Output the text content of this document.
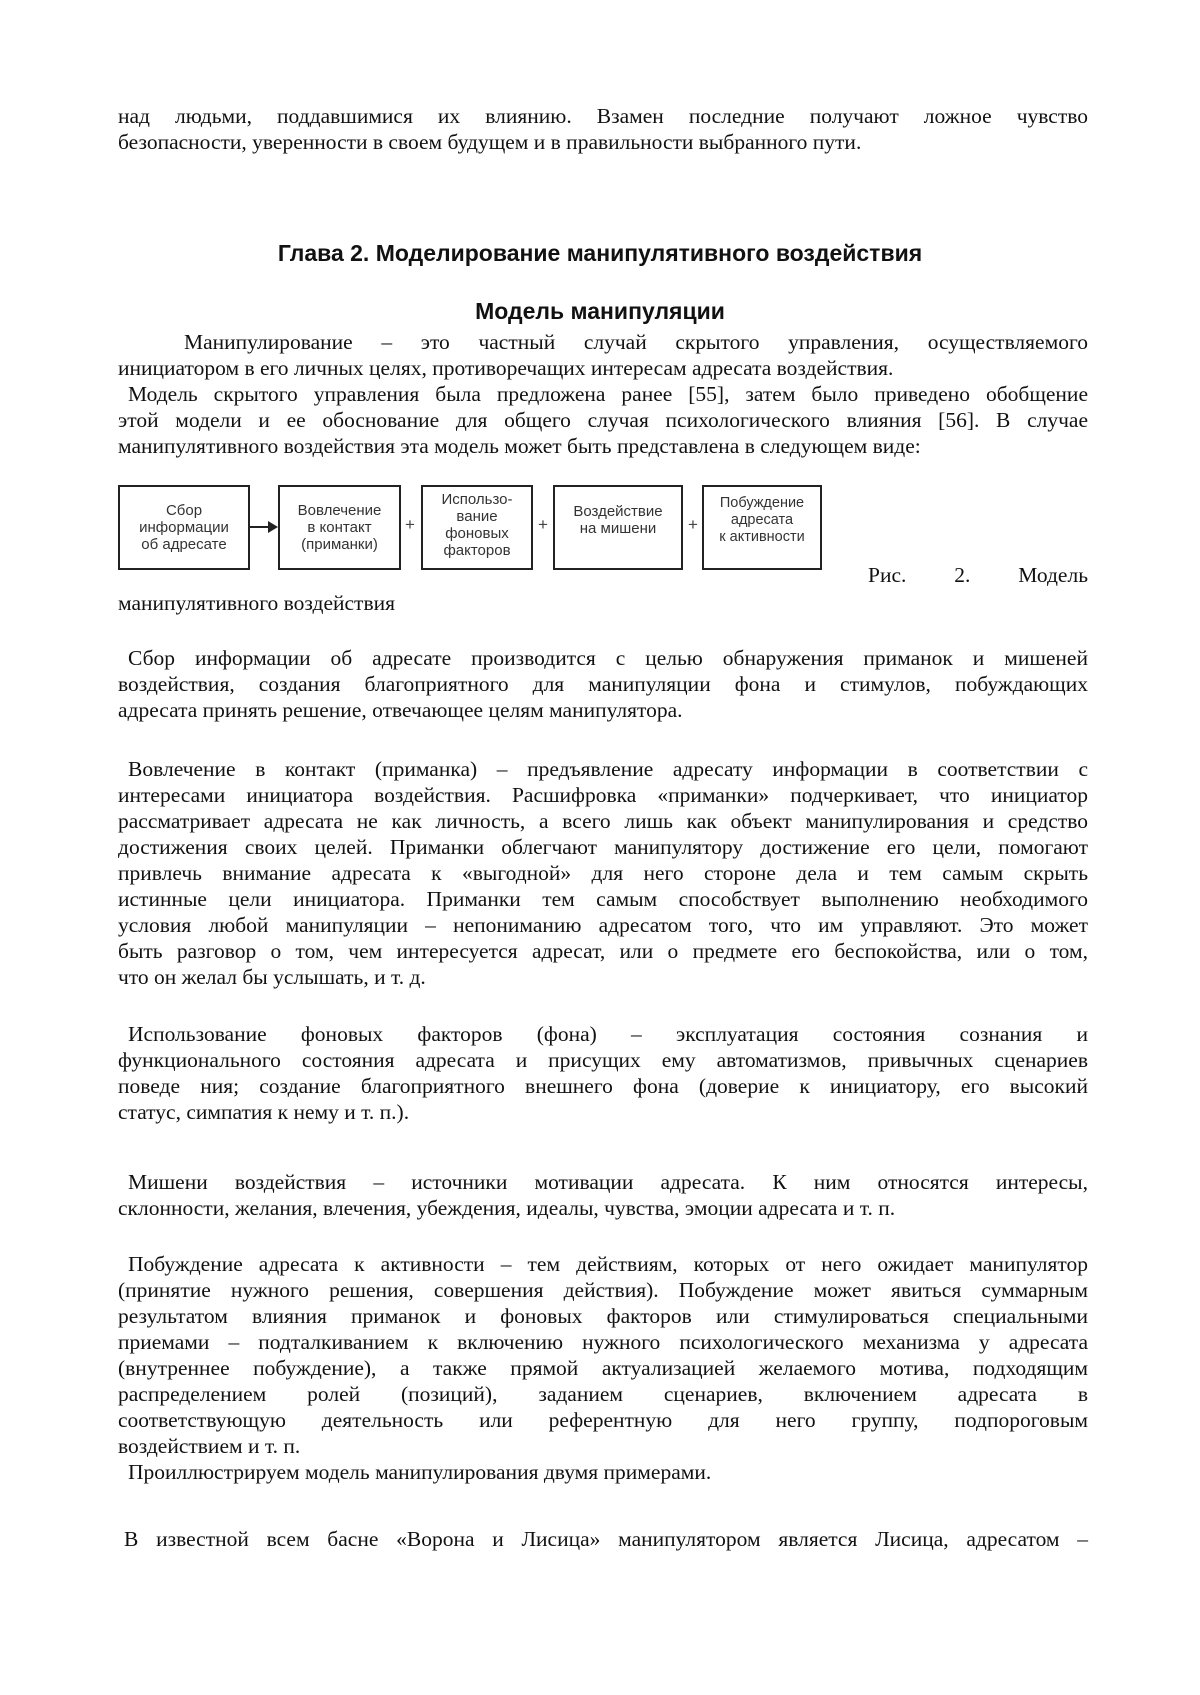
над людьми, поддавшимися их влиянию. Взамен последние получают ложное чувство
безопасности, уверенности в своем будущем и в правильности выбранного пути.
Глава 2. Моделирование манипулятивного воздействия
Модель манипуляции
Манипулирование – это частный случай скрытого управления, осуществляемого
инициатором в его личных целях, противоречащих интересам адресата воздействия.
Модель скрытого управления была предложена ранее [55], затем было приведено обобщение
этой модели и ее обоснование для общего случая психологического влияния [56]. В случае
манипулятивного воздействия эта модель может быть представлена в следующем виде:
Сбор
информации
об адресате
Вовлечение
в контакт
(приманки)
+
Использо-
вание
фоновых
факторов
+
Воздействие
на мишени	+
Побуждение
адресата
к активности
Рис. 2. Модель
манипулятивного воздействия
Сбор информации об адресате производится с целью обнаружения приманок и мишеней
воздействия, создания благоприятного для манипуляции фона и стимулов, побуждающих
адресата принять решение, отвечающее целям манипулятора.
Вовлечение в контакт (приманка) – предъявление адресату информации в соответствии с
интересами инициатора воздействия. Расшифровка «приманки» подчеркивает, что инициатор
рассматривает адресата не как личность, а всего лишь как объект манипулирования и средство
достижения своих целей. Приманки облегчают манипулятору достижение его цели, помогают
привлечь внимание адресата к «выгодной» для него стороне дела и тем самым скрыть
истинные цели инициатора. Приманки тем самым способствует выполнению необходимого
условия любой манипуляции – непониманию адресатом того, что им управляют. Это может
быть разговор о том, чем интересуется адресат, или о предмете его беспокойства, или о том,
что он желал бы услышать, и т. д.
Использование фоновых факторов (фона) – эксплуатация состояния сознания и
функционального состояния адресата и присущих ему автоматизмов, привычных сценариев
поведе ния; создание благоприятного внешнего фона (доверие к инициатору, его высокий
статус, симпатия к нему и т. п.).
Мишени воздействия – источники мотивации адресата. К ним относятся интересы,
склонности, желания, влечения, убеждения, идеалы, чувства, эмоции адресата и т. п.
Побуждение адресата к активности – тем действиям, которых от него ожидает манипулятор
(принятие нужного решения, совершения действия). Побуждение может явиться суммарным
результатом влияния приманок и фоновых факторов или стимулироваться специальными
приемами – подталкиванием к включению нужного психологического механизма у адресата
(внутреннее побуждение), а также прямой актуализацией желаемого мотива, подходящим
распределением ролей (позиций), заданием сценариев, включением адресата в
соответствующую деятельность или референтную для него группу, подпороговым
воздействием и т. п.
Проиллюстрируем модель манипулирования двумя примерами.
В известной всем басне «Ворона и Лисица» манипулятором является Лисица, адресатом –
